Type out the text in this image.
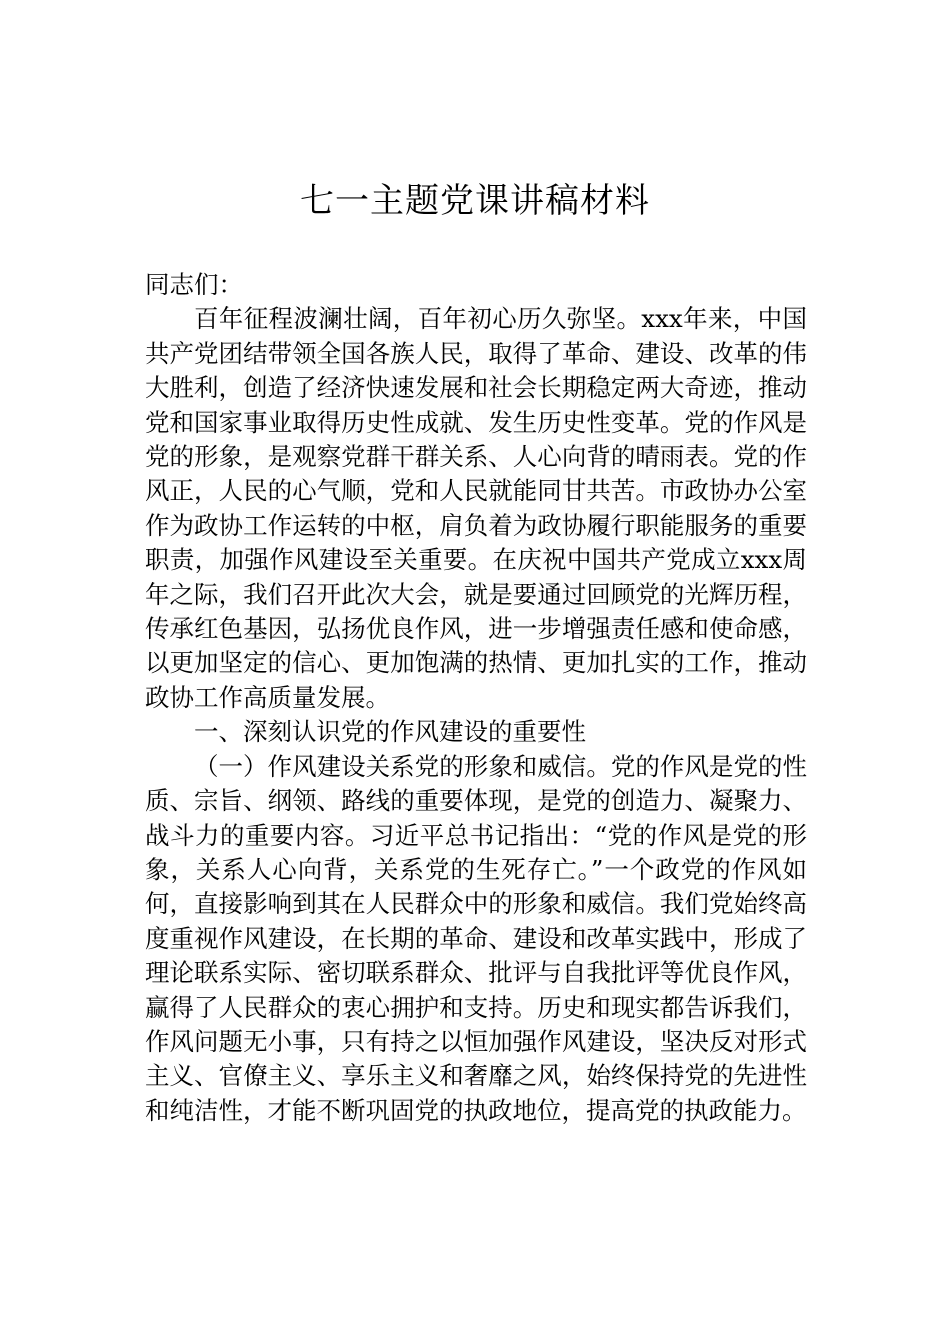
七一主题党课讲稿材料

同志们：

百年征程波澜壮阔，百年初心历久弥坚。xxx年来，中国共产党团结带领全国各族人民，取得了革命、建设、改革的伟大胜利，创造了经济快速发展和社会长期稳定两大奇迹，推动党和国家事业取得历史性成就、发生历史性变革。党的作风是党的形象，是观察党群干群关系、人心向背的晴雨表。党的作风正，人民的心气顺，党和人民就能同甘共苦。市政协办公室作为政协工作运转的中枢，肩负着为政协履行职能服务的重要职责，加强作风建设至关重要。在庆祝中国共产党成立xxx周年之际，我们召开此次大会，就是要通过回顾党的光辉历程，传承红色基因，弘扬优良作风，进一步增强责任感和使命感，以更加坚定的信心、更加饱满的热情、更加扎实的工作，推动政协工作高质量发展。

一、深刻认识党的作风建设的重要性

（一）作风建设关系党的形象和威信。党的作风是党的性质、宗旨、纲领、路线的重要体现，是党的创造力、凝聚力、战斗力的重要内容。习近平总书记指出：“党的作风是党的形象，关系人心向背，关系党的生死存亡。”一个政党的作风如何，直接影响到其在人民群众中的形象和威信。我们党始终高度重视作风建设，在长期的革命、建设和改革实践中，形成了理论联系实际、密切联系群众、批评与自我批评等优良作风，赢得了人民群众的衷心拥护和支持。历史和现实都告诉我们，作风问题无小事，只有持之以恒加强作风建设，坚决反对形式主义、官僚主义、享乐主义和奢靡之风，始终保持党的先进性和纯洁性，才能不断巩固党的执政地位，提高党的执政能力。
